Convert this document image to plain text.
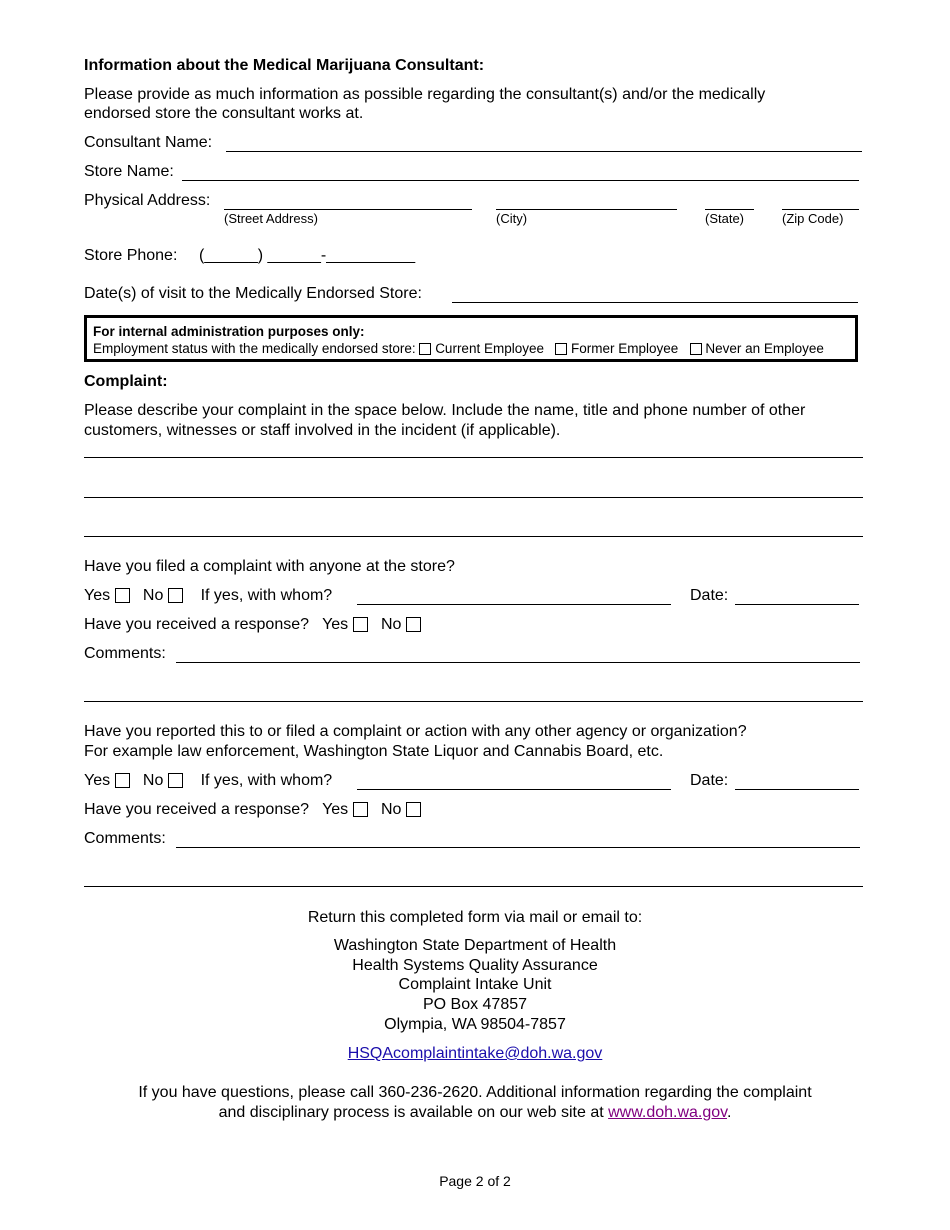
Information about the Medical Marijuana Consultant:
Please provide as much information as possible regarding the consultant(s) and/or the medically
endorsed store the consultant works at.
Consultant Name:
Store Name:
Physical Address:
(Street Address)	(City)	(State)	(Zip Code)
Store Phone: (______) ______-__________
Date(s) of visit to the Medically Endorsed Store:
For internal administration purposes only:
Employment status with the medically endorsed store: Current Employee Former Employee Never an Employee
Complaint:
Please describe your complaint in the space below. Include the name, title and phone number of other
customers, witnesses or staff involved in the incident (if applicable).
Have you filed a complaint with anyone at the store?
Yes No If yes, with whom?	Date:
Have you received a response? Yes No
Comments:
Have you reported this to or filed a complaint or action with any other agency or organization?
For example law enforcement, Washington State Liquor and Cannabis Board, etc.
Yes No If yes, with whom?	Date:
Have you received a response? Yes No
Comments:
Return this completed form via mail or email to:
Washington State Department of Health
Health Systems Quality Assurance
Complaint Intake Unit
PO Box 47857
Olympia, WA 98504-7857
HSQAcomplaintintake@doh.wa.gov
If you have questions, please call 360-236-2620. Additional information regarding the complaint
and disciplinary process is available on our web site at www.doh.wa.gov.
Page 2 of 2
